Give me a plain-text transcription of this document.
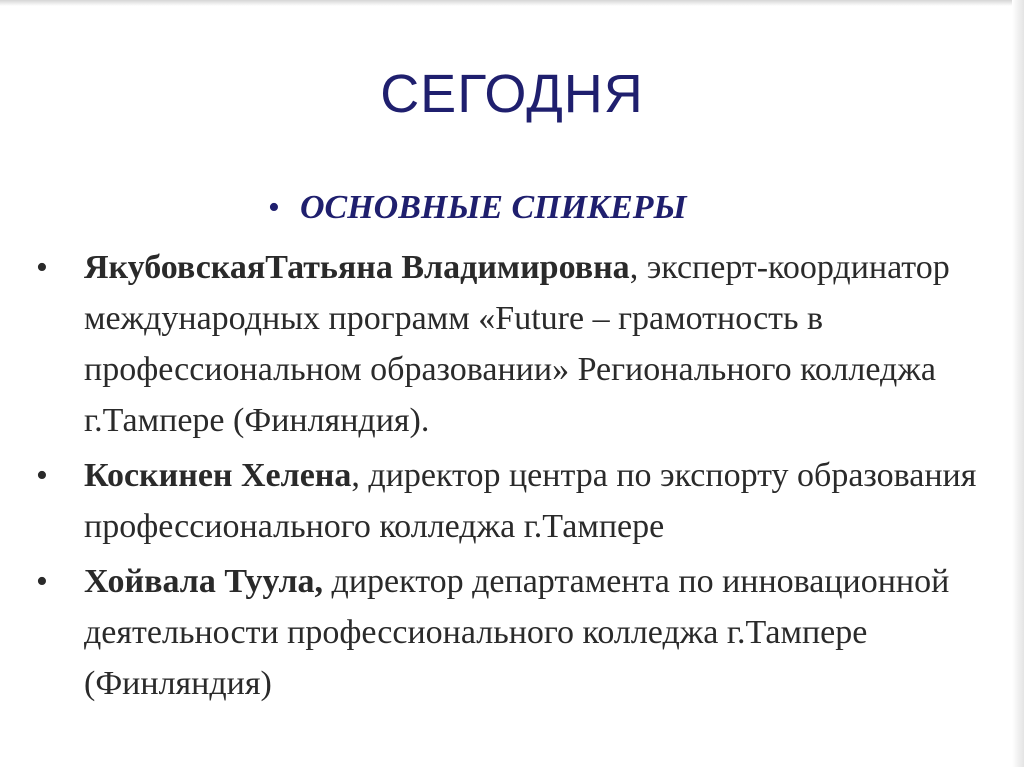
СЕГОДНЯ
• ОСНОВНЫЕ СПИКЕРЫ
•	ЯкубовскаяТатьяна Владимировна, эксперт-координатор международных программ «Future – грамотность в профессиональном образовании» Регионального колледжа г.Тампере (Финляндия).
•	Коскинен Хелена, директор центра по экспорту образования профессионального колледжа г.Тампере
•	Хойвала Туула, директор департамента по инновационной деятельности профессионального колледжа г.Тампере (Финляндия)
